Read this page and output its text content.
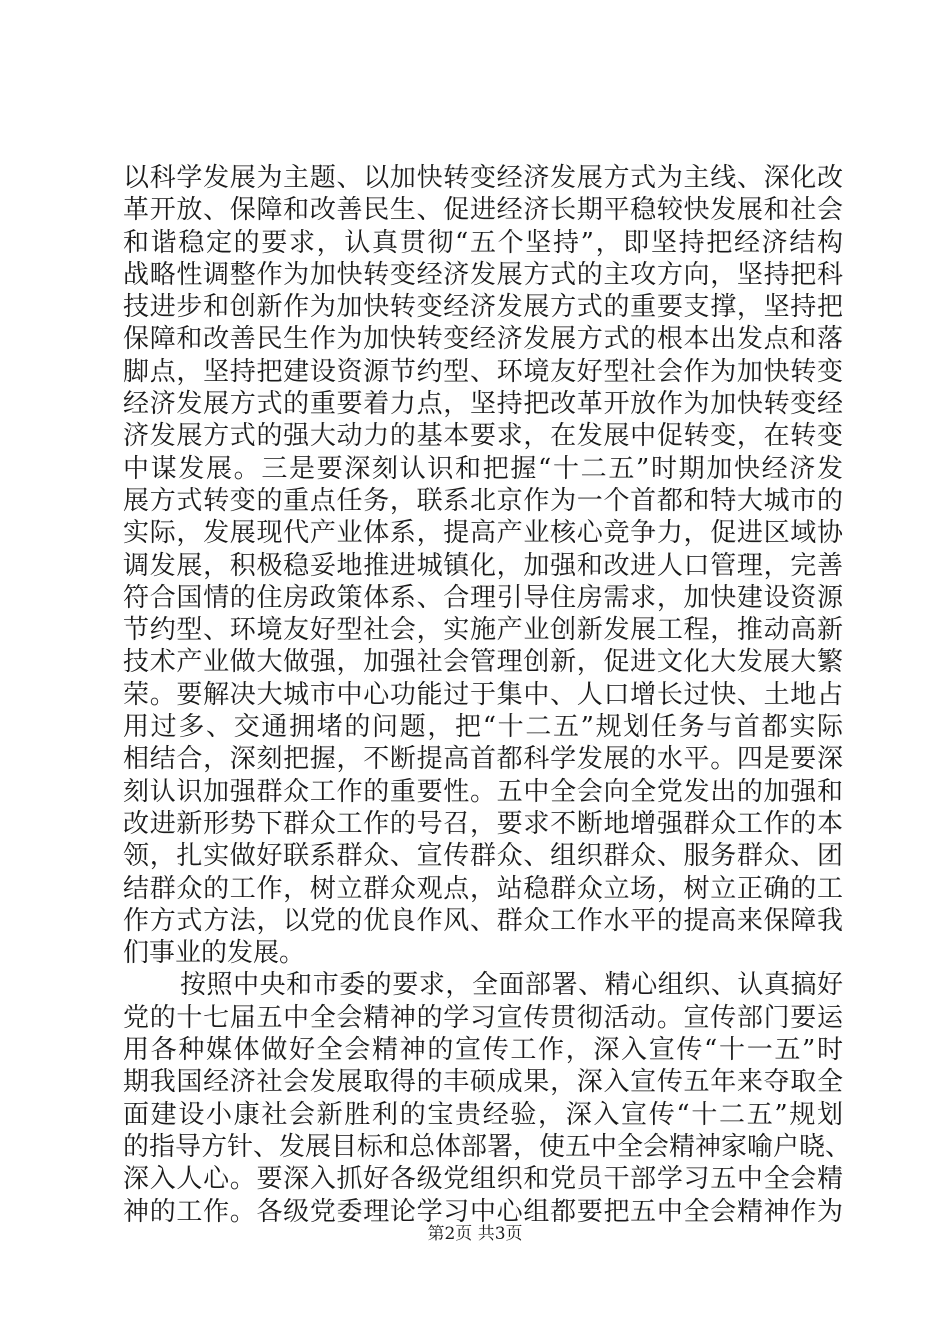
以科学发展为主题、以加快转变经济发展方式为主线、深化改
革开放、保障和改善民生、促进经济长期平稳较快发展和社会
和谐稳定的要求，认真贯彻“五个坚持”，即坚持把经济结构
战略性调整作为加快转变经济发展方式的主攻方向，坚持把科
技进步和创新作为加快转变经济发展方式的重要支撑，坚持把
保障和改善民生作为加快转变经济发展方式的根本出发点和落
脚点，坚持把建设资源节约型、环境友好型社会作为加快转变
经济发展方式的重要着力点，坚持把改革开放作为加快转变经
济发展方式的强大动力的基本要求，在发展中促转变，在转变
中谋发展。三是要深刻认识和把握“十二五”时期加快经济发
展方式转变的重点任务，联系北京作为一个首都和特大城市的
实际，发展现代产业体系，提高产业核心竞争力，促进区域协
调发展，积极稳妥地推进城镇化，加强和改进人口管理，完善
符合国情的住房政策体系、合理引导住房需求，加快建设资源
节约型、环境友好型社会，实施产业创新发展工程，推动高新
技术产业做大做强，加强社会管理创新，促进文化大发展大繁
荣。要解决大城市中心功能过于集中、人口增长过快、土地占
用过多、交通拥堵的问题，把“十二五”规划任务与首都实际
相结合，深刻把握，不断提高首都科学发展的水平。四是要深
刻认识加强群众工作的重要性。五中全会向全党发出的加强和
改进新形势下群众工作的号召，要求不断地增强群众工作的本
领，扎实做好联系群众、宣传群众、组织群众、服务群众、团
结群众的工作，树立群众观点，站稳群众立场，树立正确的工
作方式方法，以党的优良作风、群众工作水平的提高来保障我
们事业的发展。
按照中央和市委的要求，全面部署、精心组织、认真搞好
党的十七届五中全会精神的学习宣传贯彻活动。宣传部门要运
用各种媒体做好全会精神的宣传工作，深入宣传“十一五”时
期我国经济社会发展取得的丰硕成果，深入宣传五年来夺取全
面建设小康社会新胜利的宝贵经验，深入宣传“十二五”规划
的指导方针、发展目标和总体部署，使五中全会精神家喻户晓、
深入人心。要深入抓好各级党组织和党员干部学习五中全会精
神的工作。各级党委理论学习中心组都要把五中全会精神作为
第2页 共3页
